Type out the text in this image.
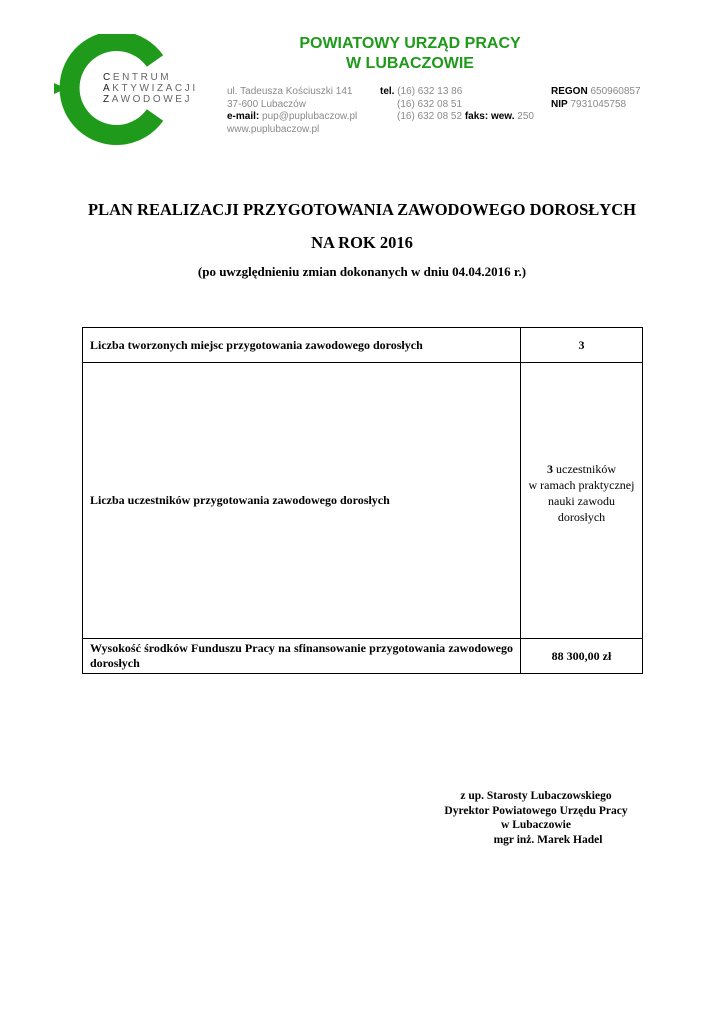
CENTRUM
AKTYWIZACJI
ZAWODOWEJ
POWIATOWY URZĄD PRACY
W LUBACZOWIE
ul. Tadeusza Kościuszki 141
37-600 Lubaczów
e-mail: pup@puplubaczow.pl
www.puplubaczow.pl
tel. (16) 632 13 86
(16) 632 08 51
(16) 632 08 52 faks: wew. 250
REGON 650960857
NIP 7931045758
PLAN REALIZACJI PRZYGOTOWANIA ZAWODOWEGO DOROSŁYCH
NA ROK 2016
(po uwzględnieniu zmian dokonanych w dniu 04.04.2016 r.)
Liczba tworzonych miejsc przygotowania zawodowego dorosłych	3
Liczba uczestników przygotowania zawodowego dorosłych	3 uczestników
w ramach praktycznej
nauki zawodu
dorosłych

Wysokość środków Funduszu Pracy na sfinansowanie przygotowania zawodowego dorosłych	88 300,00 zł
z up. Starosty Lubaczowskiego
Dyrektor Powiatowego Urzędu Pracy
w Lubaczowie
mgr inż. Marek Hadel
